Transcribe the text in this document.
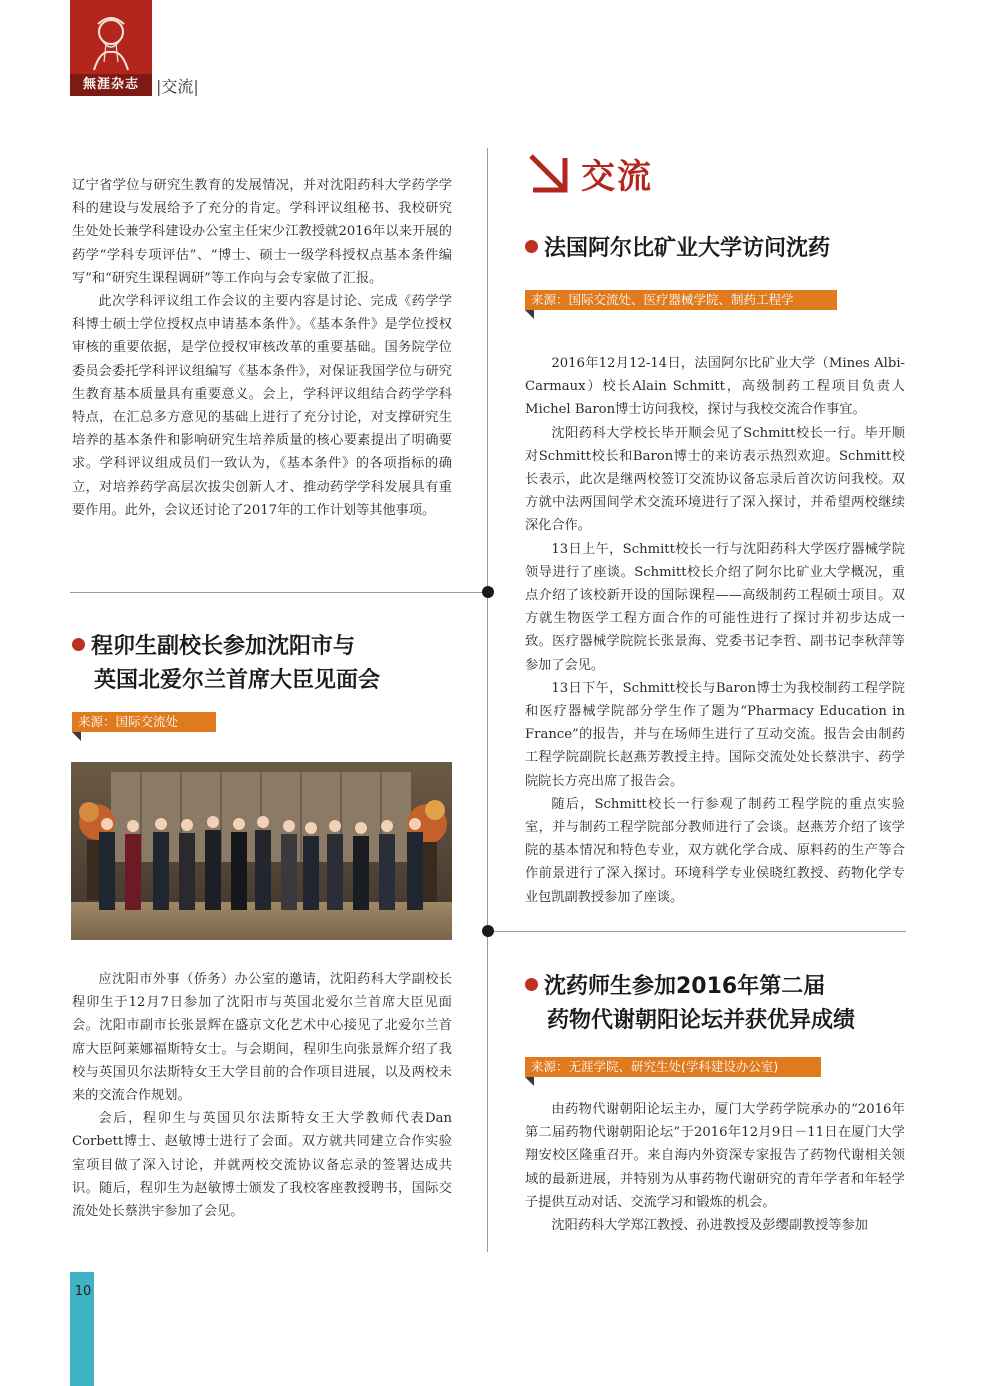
無涯杂志	|交流|

辽宁省学位与研究生教育的发展情况，并对沈阳药科大学药学学科的建设与发展给予了充分的肯定。学科评议组秘书、我校研究生处处长兼学科建设办公室主任宋少江教授就2016年以来开展的药学“学科专项评估”、“博士、硕士一级学科授权点基本条件编写”和“研究生课程调研”等工作向与会专家做了汇报。

此次学科评议组工作会议的主要内容是讨论、完成《药学学科博士硕士学位授权点申请基本条件》。《基本条件》是学位授权审核的重要依据，是学位授权审核改革的重要基础。国务院学位委员会委托学科评议组编写《基本条件》，对保证我国学位与研究生教育基本质量具有重要意义。会上，学科评议组结合药学学科特点，在汇总多方意见的基础上进行了充分讨论，对支撑研究生培养的基本条件和影响研究生培养质量的核心要素提出了明确要求。学科评议组成员们一致认为，《基本条件》的各项指标的确立，对培养药学高层次拔尖创新人才、推动药学学科发展具有重要作用。此外，会议还讨论了2017年的工作计划等其他事项。

程卯生副校长参加沈阳市与
英国北爱尔兰首席大臣见面会
来源：国际交流处

应沈阳市外事（侨务）办公室的邀请，沈阳药科大学副校长程卯生于12月7日参加了沈阳市与英国北爱尔兰首席大臣见面会。沈阳市副市长张景辉在盛京文化艺术中心接见了北爱尔兰首席大臣阿莱娜福斯特女士。与会期间，程卯生向张景辉介绍了我校与英国贝尔法斯特女王大学目前的合作项目进展，以及两校未来的交流合作规划。

会后，程卯生与英国贝尔法斯特女王大学教师代表Dan Corbett博士、赵敏博士进行了会面。双方就共同建立合作实验室项目做了深入讨论，并就两校交流协议备忘录的签署达成共识。随后，程卯生为赵敏博士颁发了我校客座教授聘书，国际交流处处长蔡洪宇参加了会见。

交流
法国阿尔比矿业大学访问沈药
来源：国际交流处、医疗器械学院、制药工程学

2016年12月12-14日，法国阿尔比矿业大学（Mines Albi-Carmaux）校长Alain Schmitt，高级制药工程项目负责人Michel Baron博士访问我校，探讨与我校交流合作事宜。

沈阳药科大学校长毕开顺会见了Schmitt校长一行。毕开顺对Schmitt校长和Baron博士的来访表示热烈欢迎。Schmitt校长表示，此次是继两校签订交流协议备忘录后首次访问我校。双方就中法两国间学术交流环境进行了深入探讨，并希望两校继续深化合作。

13日上午，Schmitt校长一行与沈阳药科大学医疗器械学院领导进行了座谈。Schmitt校长介绍了阿尔比矿业大学概况，重点介绍了该校新开设的国际课程——高级制药工程硕士项目。双方就生物医学工程方面合作的可能性进行了探讨并初步达成一致。医疗器械学院院长张景海、党委书记李哲、副书记李秋萍等参加了会见。

13日下午，Schmitt校长与Baron博士为我校制药工程学院和医疗器械学院部分学生作了题为“Pharmacy Education in France”的报告，并与在场师生进行了互动交流。报告会由制药工程学院副院长赵燕芳教授主持。国际交流处处长蔡洪宇、药学院院长方亮出席了报告会。

随后，Schmitt校长一行参观了制药工程学院的重点实验室，并与制药工程学院部分教师进行了会谈。赵燕芳介绍了该学院的基本情况和特色专业，双方就化学合成、原料药的生产等合作前景进行了深入探讨。环境科学专业侯晓红教授、药物化学专业包凯副教授参加了座谈。

沈药师生参加2016年第二届
药物代谢朝阳论坛并获优异成绩
来源：无涯学院、研究生处(学科建设办公室)

由药物代谢朝阳论坛主办，厦门大学药学院承办的“2016年第二届药物代谢朝阳论坛”于2016年12月9日－11日在厦门大学翔安校区隆重召开。来自海内外资深专家报告了药物代谢相关领域的最新进展，并特别为从事药物代谢研究的青年学者和年轻学子提供互动对话、交流学习和锻炼的机会。

沈阳药科大学郑江教授、孙进教授及彭缨副教授等参加

10
